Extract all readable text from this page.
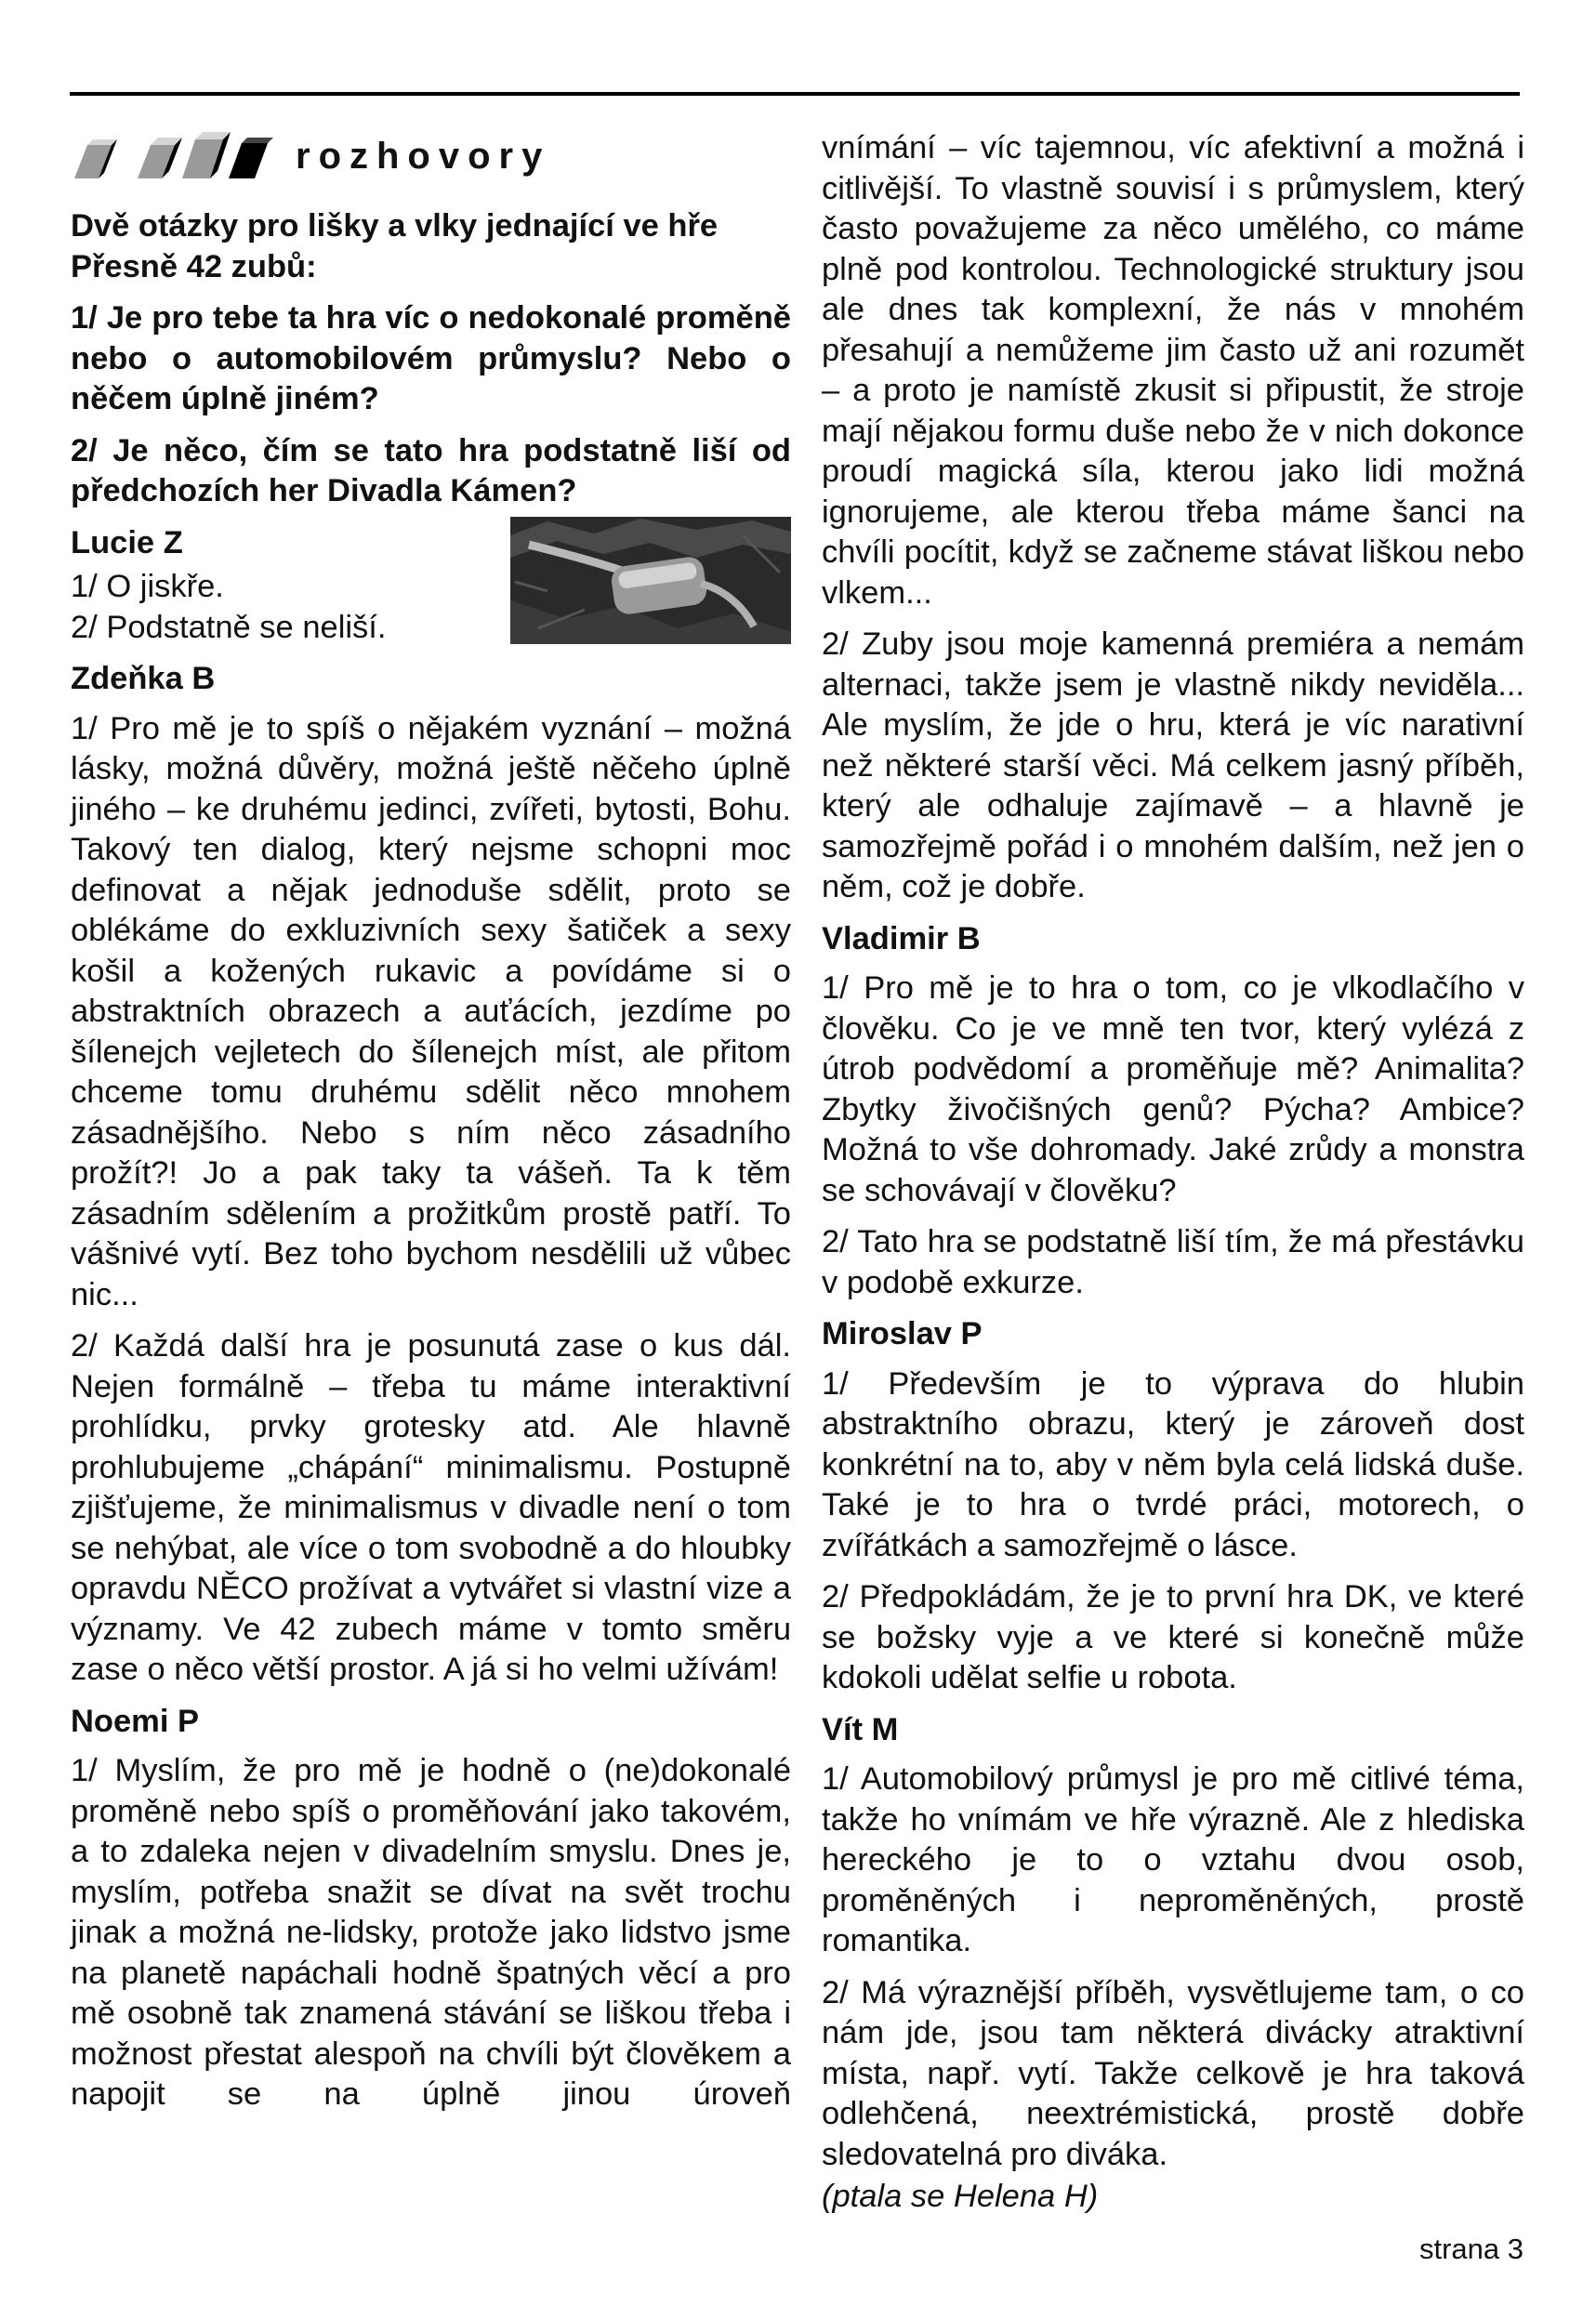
rozhovory

Dvě otázky pro lišky a vlky jednající ve hře Přesně 42 zubů:

1/ Je pro tebe ta hra víc o nedokonalé proměně nebo o automobilovém průmyslu? Nebo o něčem úplně jiném?

2/ Je něco, čím se tato hra podstatně liší od předchozích her Divadla Kámen?

Lucie Z

1/ O jiskře.

2/ Podstatně se neliší.

Zdeňka B

1/ Pro mě je to spíš o nějakém vyznání – možná lásky, možná důvěry, možná ještě něčeho úplně jiného – ke druhému jedinci, zvířeti, bytosti, Bohu. Takový ten dialog, který nejsme schopni moc definovat a nějak jednoduše sdělit, proto se oblékáme do exkluzivních sexy šatiček a sexy košil a kožených rukavic a povídáme si o abstraktních obrazech a auťácích, jezdíme po šílenejch vejletech do šílenejch míst, ale přitom chceme tomu druhému sdělit něco mnohem zásadnějšího. Nebo s ním něco zásadního prožít?! Jo a pak taky ta vášeň. Ta k těm zásadním sdělením a prožitkům prostě patří. To vášnivé vytí. Bez toho bychom nesdělili už vůbec nic...

2/ Každá další hra je posunutá zase o kus dál. Nejen formálně – třeba tu máme interaktivní prohlídku, prvky grotesky atd. Ale hlavně prohlubujeme „chápání“ minimalismu. Postupně zjišťujeme, že minimalismus v divadle není o tom se nehýbat, ale více o tom svobodně a do hloubky opravdu NĚCO prožívat a vytvářet si vlastní vize a významy. Ve 42 zubech máme v tomto směru zase o něco větší prostor. A já si ho velmi užívám!

Noemi P

1/ Myslím, že pro mě je hodně o (ne)dokonalé proměně nebo spíš o proměňování jako takovém, a to zdaleka nejen v divadelním smyslu. Dnes je, myslím, potřeba snažit se dívat na svět trochu jinak a možná ne-lidsky, protože jako lidstvo jsme na planetě napáchali hodně špatných věcí a pro mě osobně tak znamená stávání se liškou třeba i možnost přestat alespoň na chvíli být člověkem a napojit se na úplně jinou úroveň

vnímání – víc tajemnou, víc afektivní a možná i citlivější. To vlastně souvisí i s průmyslem, který často považujeme za něco umělého, co máme plně pod kontrolou. Technologické struktury jsou ale dnes tak komplexní, že nás v mnohém přesahují a nemůžeme jim často už ani rozumět – a proto je namístě zkusit si připustit, že stroje mají nějakou formu duše nebo že v nich dokonce proudí magická síla, kterou jako lidi možná ignorujeme, ale kterou třeba máme šanci na chvíli pocítit, když se začneme stávat liškou nebo vlkem...

2/ Zuby jsou moje kamenná premiéra a nemám alternaci, takže jsem je vlastně nikdy neviděla... Ale myslím, že jde o hru, která je víc narativní než některé starší věci. Má celkem jasný příběh, který ale odhaluje zajímavě – a hlavně je samozřejmě pořád i o mnohém dalším, než jen o něm, což je dobře.

Vladimir B

1/ Pro mě je to hra o tom, co je vlkodlačího v člověku. Co je ve mně ten tvor, který vylézá z útrob podvědomí a proměňuje mě? Animalita? Zbytky živočišných genů? Pýcha? Ambice? Možná to vše dohromady. Jaké zrůdy a monstra se schovávají v člověku?

2/ Tato hra se podstatně liší tím, že má přestávku v podobě exkurze.

Miroslav P

1/ Především je to výprava do hlubin abstraktního obrazu, který je zároveň dost konkrétní na to, aby v něm byla celá lidská duše. Také je to hra o tvrdé práci, motorech, o zvířátkách a samozřejmě o lásce.

2/ Předpokládám, že je to první hra DK, ve které se božsky vyje a ve které si konečně může kdokoli udělat selfie u robota.

Vít M

1/ Automobilový průmysl je pro mě citlivé téma, takže ho vnímám ve hře výrazně. Ale z hlediska hereckého je to o vztahu dvou osob, proměněných i neproměněných, prostě romantika.

2/ Má výraznější příběh, vysvětlujeme tam, o co nám jde, jsou tam některá divácky atraktivní místa, např. vytí. Takže celkově je hra taková odlehčená, neextrémistická, prostě dobře sledovatelná pro diváka.

(ptala se Helena H)

strana 3
